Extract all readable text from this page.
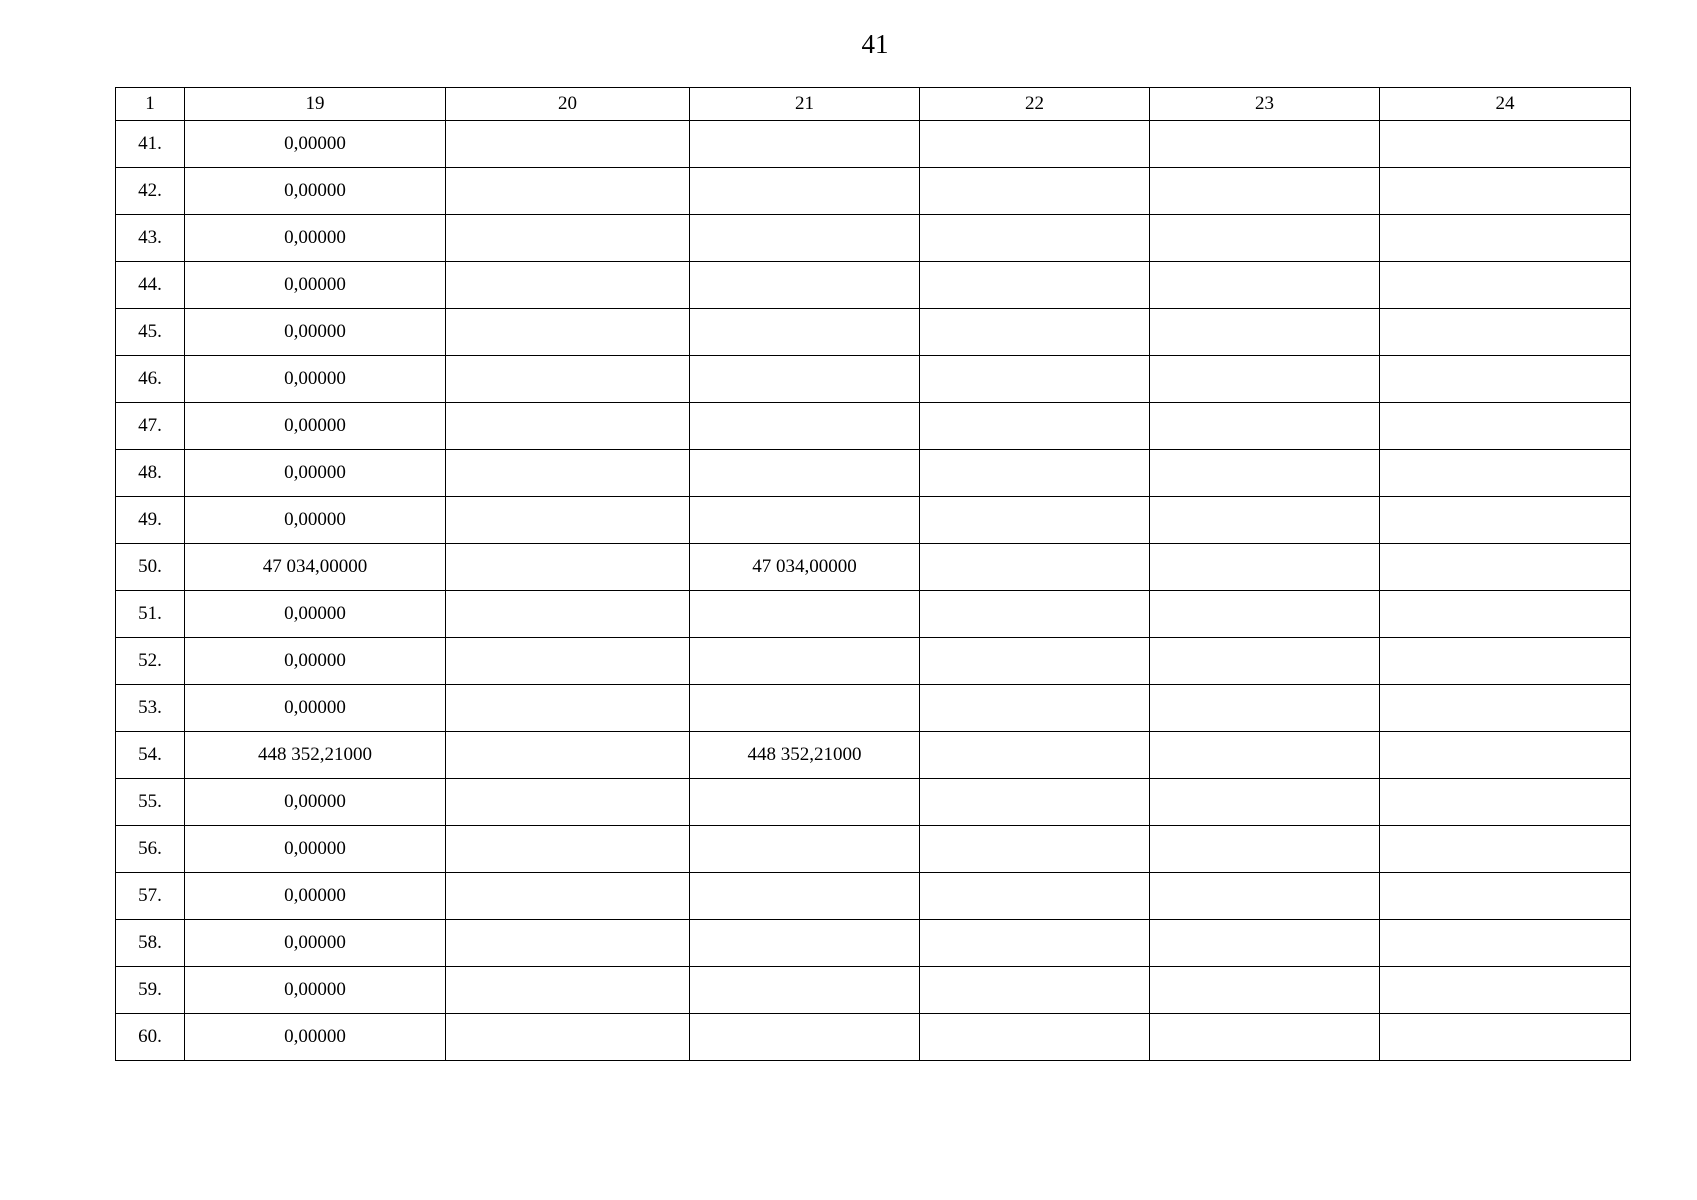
41
1	19	20	21	22	23	24
41.	0,00000					
42.	0,00000					
43.	0,00000					
44.	0,00000					
45.	0,00000					
46.	0,00000					
47.	0,00000					
48.	0,00000					
49.	0,00000					
50.	47 034,00000		47 034,00000			
51.	0,00000					
52.	0,00000					
53.	0,00000					
54.	448 352,21000		448 352,21000			
55.	0,00000					
56.	0,00000					
57.	0,00000					
58.	0,00000					
59.	0,00000					
60.	0,00000					
